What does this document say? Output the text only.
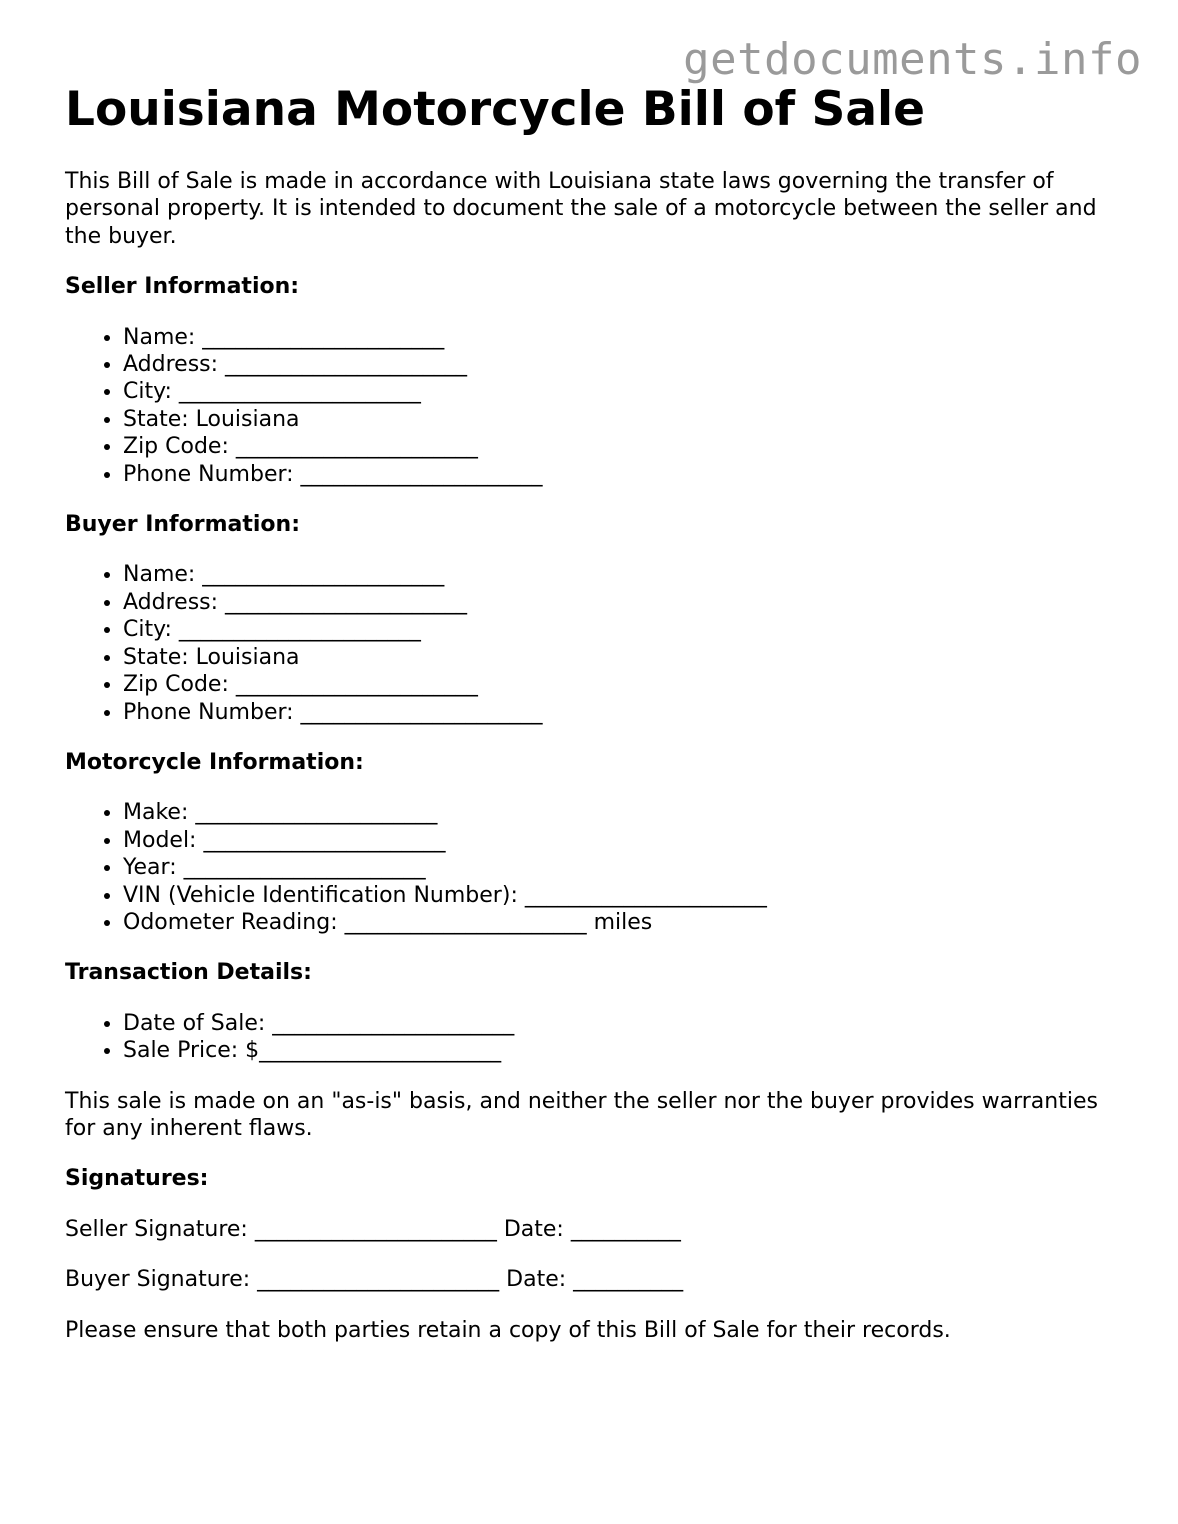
getdocuments.info
Louisiana Motorcycle Bill of Sale

This Bill of Sale is made in accordance with Louisiana state laws governing the transfer of personal property. It is intended to document the sale of a motorcycle between the seller and the buyer.

Seller Information:
• Name: ______________________
• Address: ______________________
• City: ______________________
• State: Louisiana
• Zip Code: ______________________
• Phone Number: ______________________
Buyer Information:
• Name: ______________________
• Address: ______________________
• City: ______________________
• State: Louisiana
• Zip Code: ______________________
• Phone Number: ______________________
Motorcycle Information:
• Make: ______________________
• Model: ______________________
• Year: ______________________
• VIN (Vehicle Identification Number): ______________________
• Odometer Reading: ______________________ miles
Transaction Details:
• Date of Sale: ______________________
• Sale Price: $______________________

This sale is made on an "as-is" basis, and neither the seller nor the buyer provides warranties for any inherent flaws.

Signatures:

Seller Signature: ______________________ Date: __________

Buyer Signature: ______________________ Date: __________

Please ensure that both parties retain a copy of this Bill of Sale for their records.
